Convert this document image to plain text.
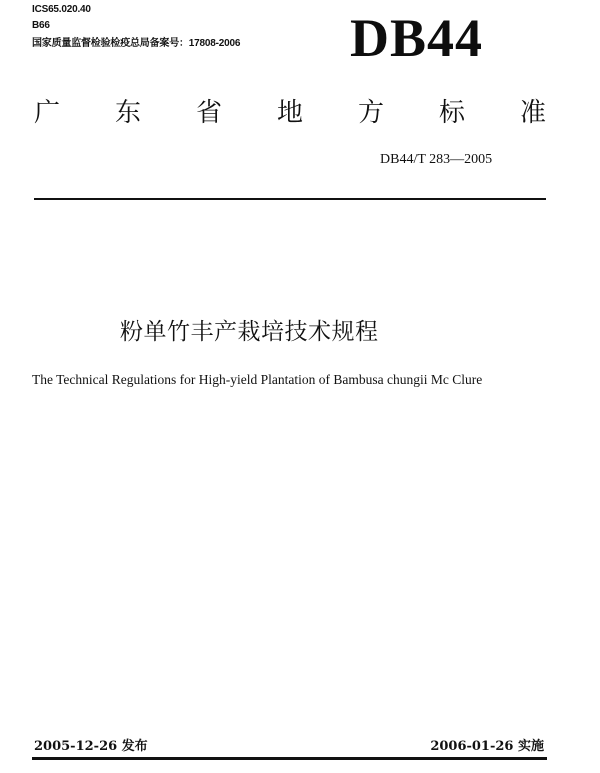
ICS65.020.40
B66
国家质量监督检验检疫总局备案号：17808-2006 DB44
广 东 省 地 方 标 准
DB44/T 283—2005
粉单竹丰产栽培技术规程
The Technical Regulations for High-yield Plantation of Bambusa chungii Mc Clure
2005-12-26 发布	2006-01-26 实施
